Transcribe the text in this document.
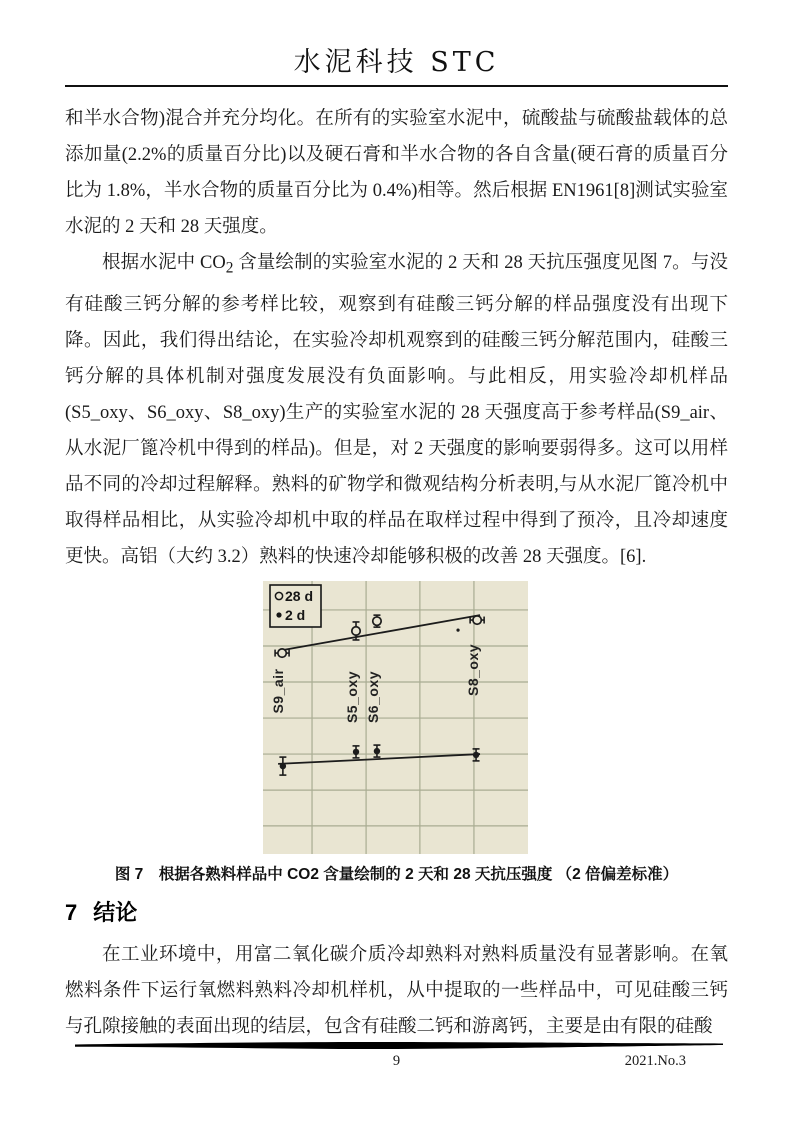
水泥科技 STC

和半水合物)混合并充分均化。在所有的实验室水泥中，硫酸盐与硫酸盐载体的总添加量(2.2%的质量百分比)以及硬石膏和半水合物的各自含量(硬石膏的质量百分比为 1.8%，半水合物的质量百分比为 0.4%)相等。然后根据 EN1961[8]测试实验室水泥的 2 天和 28 天强度。

根据水泥中 $CO_2$ 含量绘制的实验室水泥的 2 天和 28 天抗压强度见图 7。与没有硅酸三钙分解的参考样比较，观察到有硅酸三钙分解的样品强度没有出现下降。因此，我们得出结论，在实验冷却机观察到的硅酸三钙分解范围内，硅酸三钙分解的具体机制对强度发展没有负面影响。与此相反，用实验冷却机样品(S5_oxy、S6_oxy、S8_oxy)生产的实验室水泥的 28 天强度高于参考样品(S9_air、从水泥厂篦冷机中得到的样品)。但是，对 2 天强度的影响要弱得多。这可以用样品不同的冷却过程解释。熟料的矿物学和微观结构分析表明,与从水泥厂篦冷机中取得样品相比，从实验冷却机中取的样品在取样过程中得到了预冷，且冷却速度更快。高铝（大约 3.2）熟料的快速冷却能够积极的改善 28 天强度。[6].

S9_air	S5_oxy S6_oxy
S8_oxy
28 d
2 d
图 7　根据各熟料样品中 CO2 含量绘制的 2 天和 28 天抗压强度 （2 倍偏差标准）
7 结论

在工业环境中，用富二氧化碳介质冷却熟料对熟料质量没有显著影响。在氧燃料条件下运行氧燃料熟料冷却机样机，从中提取的一些样品中，可见硅酸三钙与孔隙接触的表面出现的结层，包含有硅酸二钙和游离钙，主要是由有限的硅酸

9	2021.No.3
